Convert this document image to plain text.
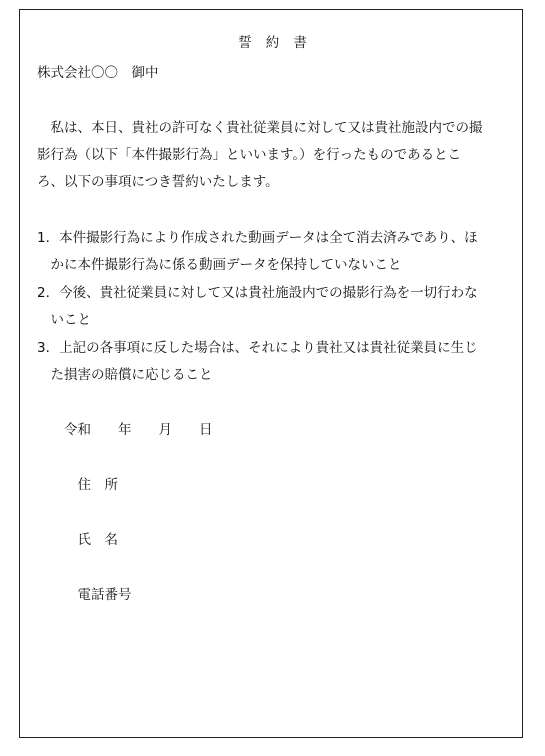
誓約書
株式会社〇〇　御中
　私は、本日、貴社の許可なく貴社従業員に対して又は貴社施設内での撮
影行為（以下「本件撮影行為」といいます。）を行ったものであるとこ
ろ、以下の事項につき誓約いたします。
1．本件撮影行為により作成された動画データは全て消去済みであり、ほ
　かに本件撮影行為に係る動画データを保持していないこと
2．今後、貴社従業員に対して又は貴社施設内での撮影行為を一切行わな
　いこと
3．上記の各事項に反した場合は、それにより貴社又は貴社従業員に生じ
　た損害の賠償に応じること
　　令和　　年　　月　　日
　　　住　所
　　　氏　名
　　　電話番号
